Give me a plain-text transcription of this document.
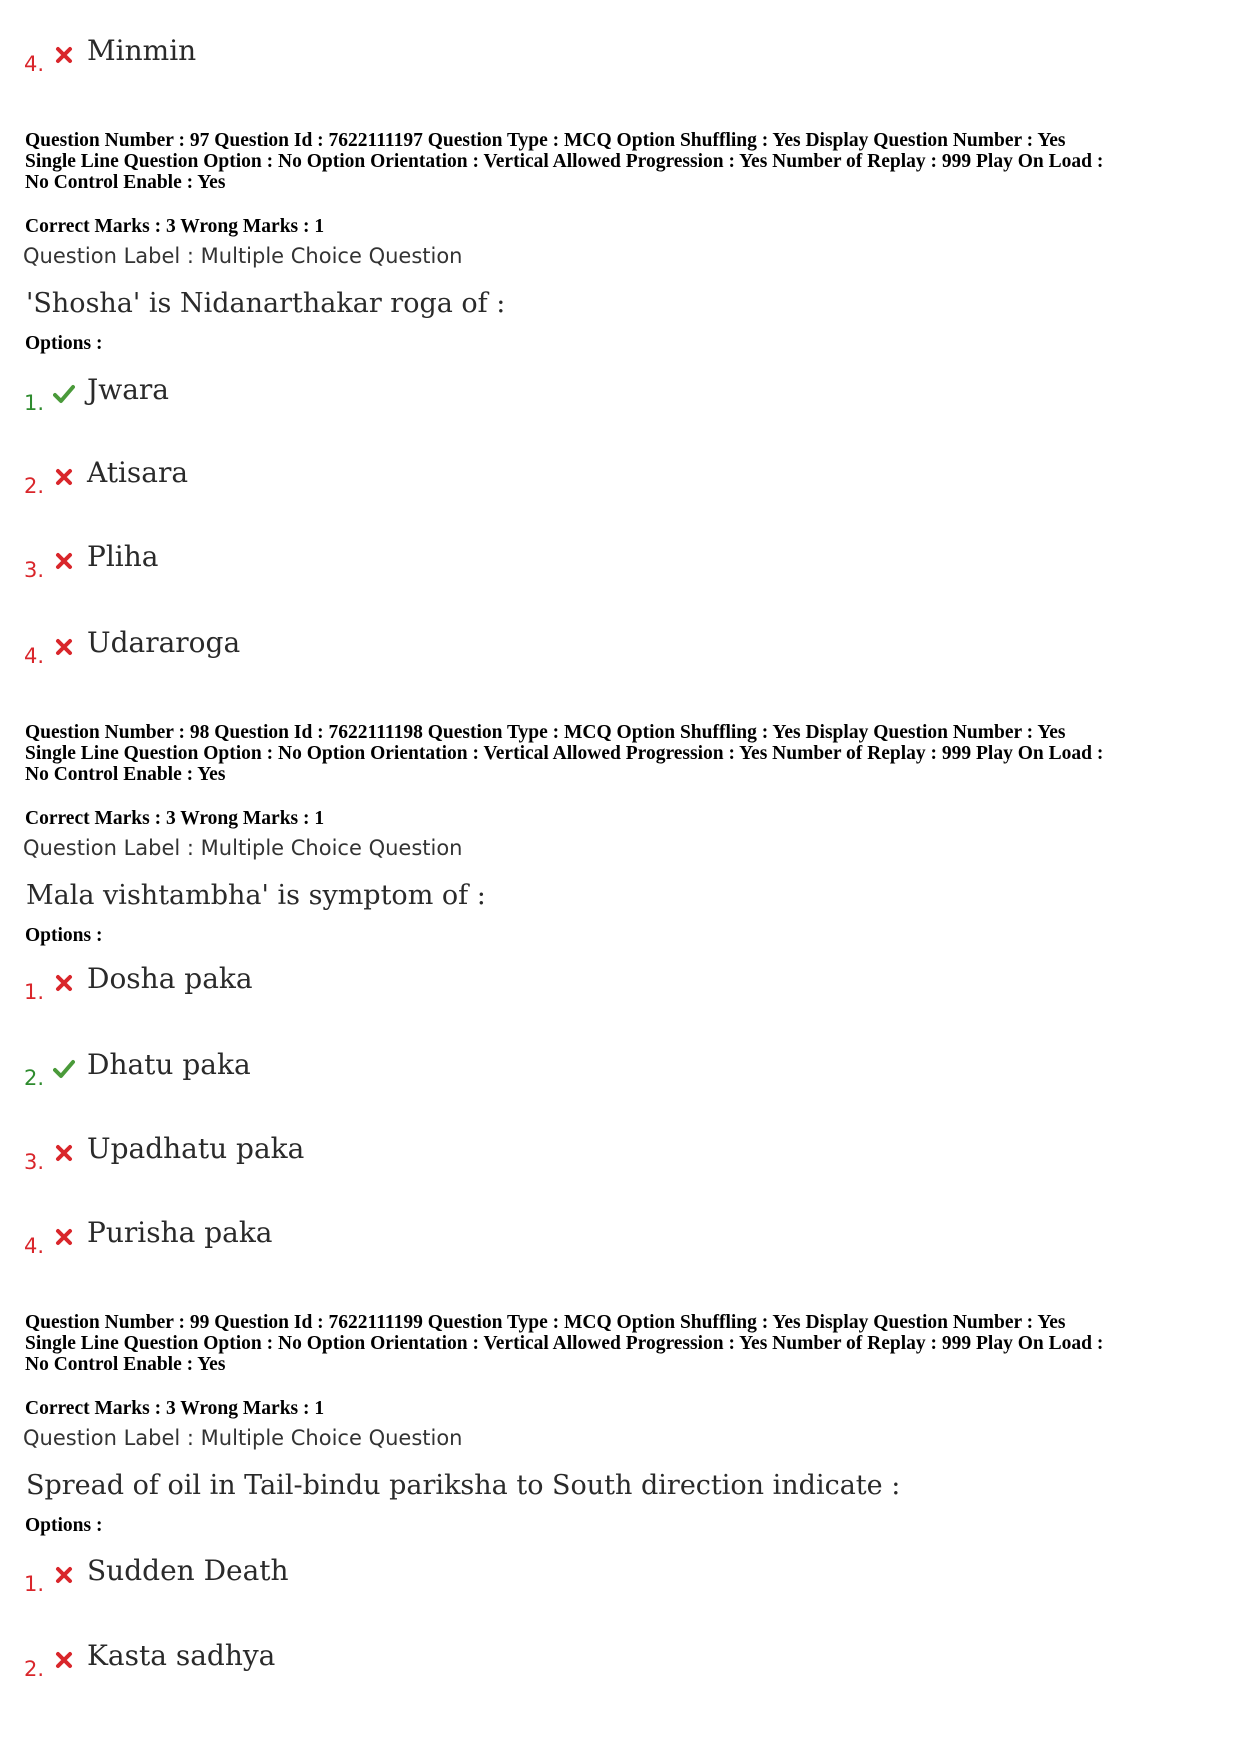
4. Minmin
Question Number : 97 Question Id : 7622111197 Question Type : MCQ Option Shuffling : Yes Display Question Number : Yes
Single Line Question Option : No Option Orientation : Vertical Allowed Progression : Yes Number of Replay : 999 Play On Load :
No Control Enable : Yes
Correct Marks : 3 Wrong Marks : 1
Question Label : Multiple Choice Question
'Shosha' is Nidanarthakar roga of :
Options :
1. Jwara
2. Atisara
3. Pliha
4. Udararoga
Question Number : 98 Question Id : 7622111198 Question Type : MCQ Option Shuffling : Yes Display Question Number : Yes
Single Line Question Option : No Option Orientation : Vertical Allowed Progression : Yes Number of Replay : 999 Play On Load :
No Control Enable : Yes
Correct Marks : 3 Wrong Marks : 1
Question Label : Multiple Choice Question
Mala vishtambha' is symptom of :
Options :
1. Dosha paka
2. Dhatu paka
3. Upadhatu paka
4. Purisha paka
Question Number : 99 Question Id : 7622111199 Question Type : MCQ Option Shuffling : Yes Display Question Number : Yes
Single Line Question Option : No Option Orientation : Vertical Allowed Progression : Yes Number of Replay : 999 Play On Load :
No Control Enable : Yes
Correct Marks : 3 Wrong Marks : 1
Question Label : Multiple Choice Question
Spread of oil in Tail-bindu pariksha to South direction indicate :
Options :
1. Sudden Death
2. Kasta sadhya
